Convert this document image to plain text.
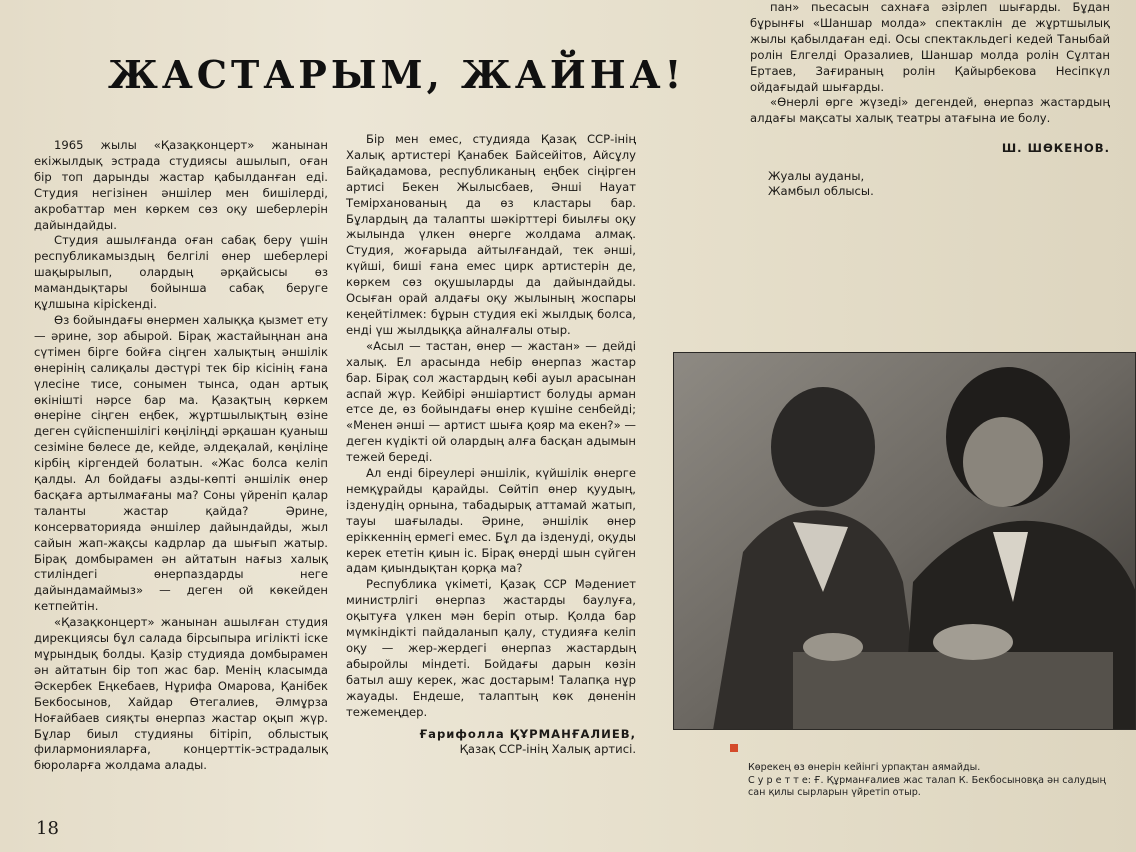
ЖАСТАРЫМ, ЖАЙНА!

1965 жылы «Қазақконцерт» жанынан екіжылдық эстрада студиясы ашылып, оған бір топ дарынды жастар қабылданған еді. Студия негізінен әншілер мен бишілерді, акробаттар мен көркем сөз оқу шеберлерін дайындайды.

Студия ашылғанда оған сабақ беру үшін республикамыздың белгілі өнер шеберлері шақырылып, олардың әрқайсысы өз мамандықтары бойынша сабақ беруге құлшына кірісkенді.

Өз бойындағы өнермен халыққа қызмет ету — әрине, зор абырой. Бірақ жастайыңнан ана сүтімен бірге бойға сіңген халықтың әншілік өнерінің салиқалы дәстүрі тек бір кісінің ғана үлесіне тисе, сонымен тынса, одан артық өкінішті нәрсе бар ма. Қазақтың көркем өнеріне сіңген еңбек, жұртшылықтың өзіне деген сүйіспеншілігі көңіліңді әрқашан қуаныш сезіміне бөлесе де, кейде, әлдеқалай, көңіліңе кірбің кіргендей болатын. «Жас болса келіп қалды. Ал бойдағы азды-көпті әншілік өнер басқаға артылмағаны ма? Соны үйреніп қалар таланты жастар қайда? Әрине, консерваторияда әншілер дайындайды, жыл сайын жап-жақсы кадрлар да шығып жатыр. Бірақ домбырамен ән айтатын нағыз халық стиліндегі өнерпаздарды неге дайындамаймыз» — деген ой көкейден кетпейтін.

«Қазақконцерт» жанынан ашылған студия дирекциясы бұл салада бірсыпыра игілікті іске мұрындық болды. Қазір студияда домбырамен ән айтатын бір топ жас бар. Менің класымда Әскербек Еңкебаев, Нұрифа Омарова, Қанібек Бекбосынов, Хайдар Өтегалиев, Әлмұрза Ноғайбаев сияқты өнерпаз жастар оқып жүр. Бұлар биыл студияны бітіріп, облыстық филармонияларға, концерттік-эстрадалық бюроларға жолдама алады.

Бір мен емес, студияда Қазақ ССР-інің Халық артистері Қанабек Байсейітов, Айсұлу Байқадамова, республиканың еңбек сіңірген артисі Бекен Жылысбаев, Әнші Науат Темірханованың да өз кластары бар. Бұлардың да талапты шәкірттері биылғы оқу жылында үлкен өнерге жолдама алмақ. Студия, жоғарыда айтылғандай, тек әнші, күйші, биші ғана емес цирк артистерін де, көркем сөз оқушыларды да дайындайды. Осыған орай алдағы оқу жылының жоспары кеңейтілмек: бұрын студия екі жылдық болса, енді үш жылдыққа айналғалы отыр.

«Асыл — тастан, өнер — жастан» — дейді халық. Ел арасында небір өнерпаз жастар бар. Бірақ сол жастардың көбі ауыл арасынан аспай жүр. Кейбірі әншіартист болуды арман етсе де, өз бойындағы өнер күшіне сенбейді; «Менен әнші — артист шыға қояр ма екен?» — деген күдікті ой олардың алға басқан адымын тежей береді.

Ал енді біреулері әншілік, күйшілік өнерге немқұрайды қарайды. Сөйтіп өнер қуудың, ізденудің орнына, табадырық аттамай жатып, тауы шағылады. Әрине, әншілік өнер еріккеннің ермегі емес. Бұл да ізденуді, оқуды керек ететін қиын іс. Бірақ өнерді шын сүйген адам қиындықтан қорқа ма?

Республика үкіметі, Қазақ ССР Мәдениет министрлігі өнерпаз жастарды баулуға, оқытуға үлкен мән беріп отыр. Қолда бар мүмкіндікті пайдаланып қалу, студияға келіп оқу — жер-жердегі өнерпаз жастардың абыройлы міндеті. Бойдағы дарын көзін батыл ашу керек, жас достарым! Талапқа нұр жауады. Ендеше, талаптың көк дөненін тежемеңдер.

Ғарифолла ҚҰРМАНҒАЛИЕВ,

Қазақ ССР-інің Халық артисі.

пан» пьесасын сахнаға әзірлеп шығарды. Бұдан бұрынғы «Шаншар молда» спектаклін де жұртшылық жылы қабылдаған еді. Осы спектакльдегі кедей Таныбай ролін Елгелді Оразалиев, Шаншар молда ролін Сұлтан Ертаев, Зағиpаның ролін Қайырбекова Несіпкүл ойдағыдай шығарды.

«Өнерлі өрге жүзеді» дегендей, өнерпаз жастардың алдағы мақсаты халық театры атағына ие болу.

Ш. ШӨКЕНОВ.

Жуалы ауданы,

Жамбыл облысы.

Көрекең өз өнерін кейінгі урпақтан аямайды.

С у р е т т е: Ғ. Құрманғалиев жас талап К. Бекбосыновқа ән салудың сан қилы сырларын үйретіп отыр.

18
